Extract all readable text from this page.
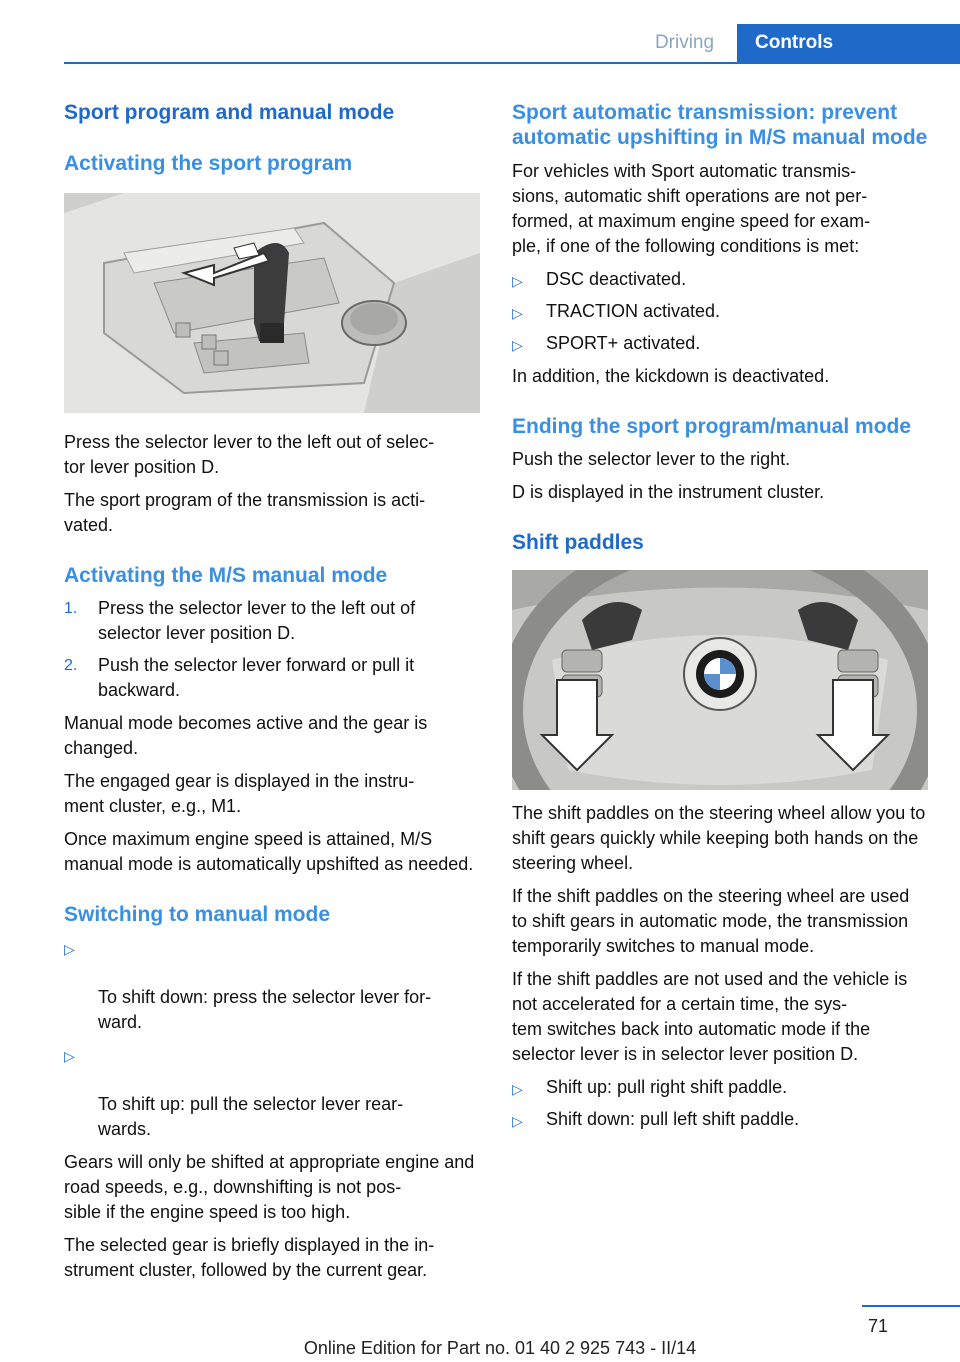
Driving	Controls
Sport program and manual mode
Activating the sport program

Press the selector lever to the left out of selec-
tor lever position D.

The sport program of the transmission is acti-
vated.

Activating the M/S manual mode
1. Press the selector lever to the left out of selector lever position D.
2. Push the selector lever forward or pull it backward.

Manual mode becomes active and the gear is changed.

The engaged gear is displayed in the instru-
ment cluster, e.g., M1.

Once maximum engine speed is attained, M/S manual mode is automatically upshifted as needed.

Switching to manual mode

▷

To shift down: press the selector lever for-
ward.

▷

To shift up: pull the selector lever rear-
wards.

Gears will only be shifted at appropriate engine and road speeds, e.g., downshifting is not pos-
sible if the engine speed is too high.

The selected gear is briefly displayed in the in-
strument cluster, followed by the current gear.

Sport automatic transmission: prevent automatic upshifting in M/S manual mode

For vehicles with Sport automatic transmis-
sions, automatic shift operations are not per-
formed, at maximum engine speed for exam-
ple, if one of the following conditions is met:

▷ DSC deactivated.
▷ TRACTION activated.
▷ SPORT+ activated.

In addition, the kickdown is deactivated.

Ending the sport program/manual mode

Push the selector lever to the right.

D is displayed in the instrument cluster.

Shift paddles

The shift paddles on the steering wheel allow you to shift gears quickly while keeping both hands on the steering wheel.

If the shift paddles on the steering wheel are used to shift gears in automatic mode, the transmission temporarily switches to manual mode.

If the shift paddles are not used and the vehicle is not accelerated for a certain time, the sys-
tem switches back into automatic mode if the selector lever is in selector lever position D.

▷ Shift up: pull right shift paddle.
▷ Shift down: pull left shift paddle.
71
Online Edition for Part no. 01 40 2 925 743 - II/14
